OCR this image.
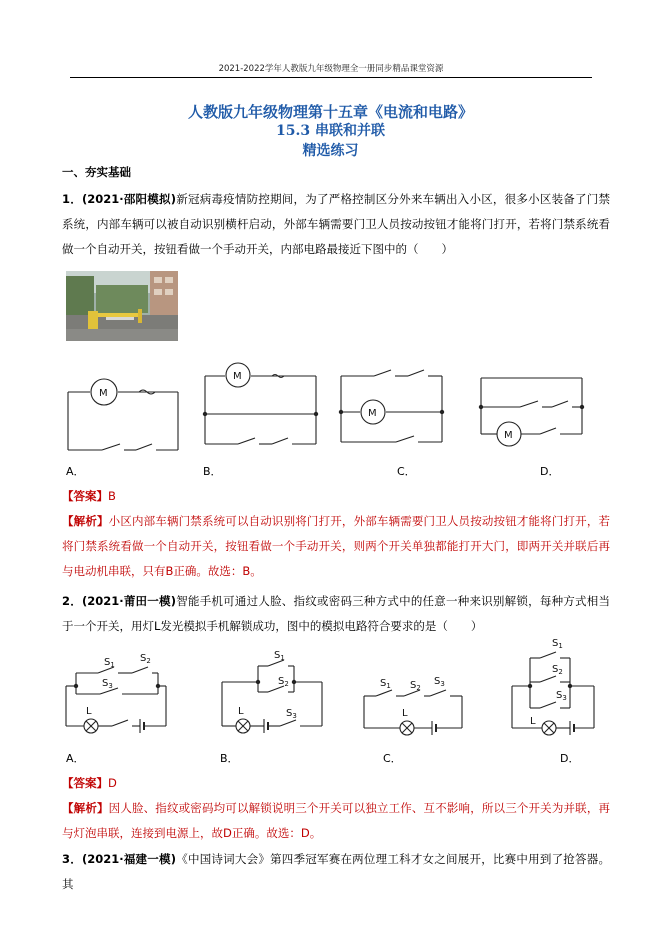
2021-2022学年人教版九年级物理全一册同步精品课堂资源
人教版九年级物理第十五章《电流和电路》
15.3 串联和并联
精选练习
一、夯实基础
1．(2021·邵阳模拟)新冠病毒疫情防控期间，为了严格控制区分外来车辆出入小区，很多小区装备了门禁系统，内部车辆可以被自动识别横杆启动，外部车辆需要门卫人员按动按钮才能将门打开，若将门禁系统看做一个自动开关，按钮看做一个手动开关，内部电路最接近下图中的（　　）
M
A．
M
B．
M
C．
M
D．
【答案】B
【解析】小区内部车辆门禁系统可以自动识别将门打开，外部车辆需要门卫人员按动按钮才能将门打开，若将门禁系统看做一个自动开关，按钮看做一个手动开关，则两个开关单独都能打开大门，即两开关并联后再与电动机串联，只有B正确。故选：B。
2．(2021·莆田一模)智能手机可通过人脸、指纹或密码三种方式中的任意一种来识别解锁，每种方式相当于一个开关，用灯L发光模拟手机解锁成功，图中的模拟电路符合要求的是（　　）
$S_1$
$S_2$
$S_3$
L
A．
$S_1$
$S_2$
L	$S_3$
B．
$S_1$ $S_2$
$S_3$
L
C．
$S_1$
$S_2$
$S_3$
L
D．
【答案】D
【解析】因人脸、指纹或密码均可以解锁说明三个开关可以独立工作、互不影响，所以三个开关为并联，再与灯泡串联，连接到电源上，故D正确。故选：D。
3．(2021·福建一模)《中国诗词大会》第四季冠军赛在两位理工科才女之间展开，比赛中用到了抢答器。其
